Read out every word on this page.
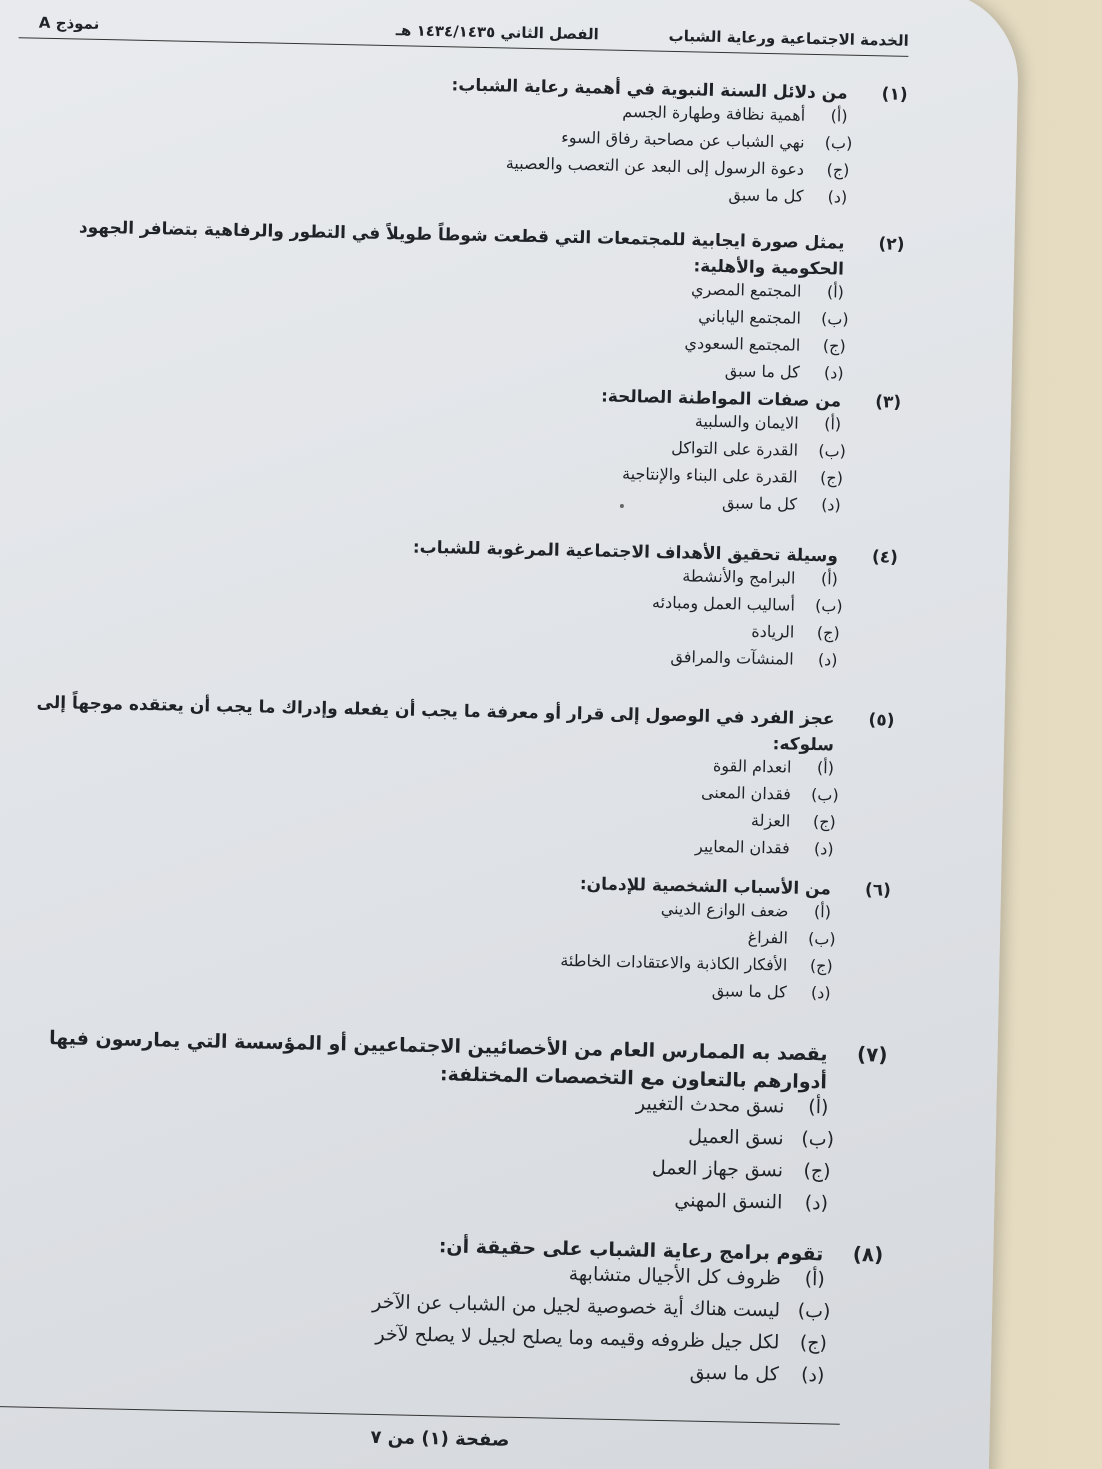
الخدمة الاجتماعية ورعاية الشباب
الفصل الثاني ١٤٣٤/١٤٣٥ هـ
نموذج A
(١)
من دلائل السنة النبوية في أهمية رعاية الشباب:
(أ)
أهمية نظافة وطهارة الجسم
(ب)
نهي الشباب عن مصاحبة رفاق السوء
(ج)
دعوة الرسول إلى البعد عن التعصب والعصبية
(د)
كل ما سبق
(٢)
يمثل صورة ايجابية للمجتمعات التي قطعت شوطاً طويلاً في التطور والرفاهية بتضافر الجهود الحكومية والأهلية:
(أ)
المجتمع المصري
(ب)
المجتمع الياباني
(ج)
المجتمع السعودي
(د)
كل ما سبق
(٣)
من صفات المواطنة الصالحة:
(أ)
الايمان والسلبية
(ب)
القدرة على التواكل
(ج)
القدرة على البناء والإنتاجية
(د)
كل ما سبق
(٤)
وسيلة تحقيق الأهداف الاجتماعية المرغوبة للشباب:
(أ)
البرامج والأنشطة
(ب)
أساليب العمل ومبادئه
(ج)
الريادة
(د)
المنشآت والمرافق
(٥)
عجز الفرد في الوصول إلى قرار أو معرفة ما يجب أن يفعله وإدراك ما يجب أن يعتقده موجهاً إلى سلوكه:
(أ)
انعدام القوة
(ب)
فقدان المعنى
(ج)
العزلة
(د)
فقدان المعايير
(٦)
من الأسباب الشخصية للإدمان:
(أ)
ضعف الوازع الديني
(ب)
الفراغ
(ج)
الأفكار الكاذبة والاعتقادات الخاطئة
(د)
كل ما سبق
(٧)
يقصد به الممارس العام من الأخصائيين الاجتماعيين أو المؤسسة التي يمارسون فيها أدوارهم بالتعاون مع التخصصات المختلفة:
(أ)
نسق محدث التغيير
(ب)
نسق العميل
(ج)
نسق جهاز العمل
(د)
النسق المهني
(٨)
تقوم برامج رعاية الشباب على حقيقة أن:
(أ)
ظروف كل الأجيال متشابهة
(ب)
ليست هناك أية خصوصية لجيل من الشباب عن الآخر
(ج)
لكل جيل ظروفه وقيمه وما يصلح لجيل لا يصلح لآخر
(د)
كل ما سبق
صفحة (١) من ٧
